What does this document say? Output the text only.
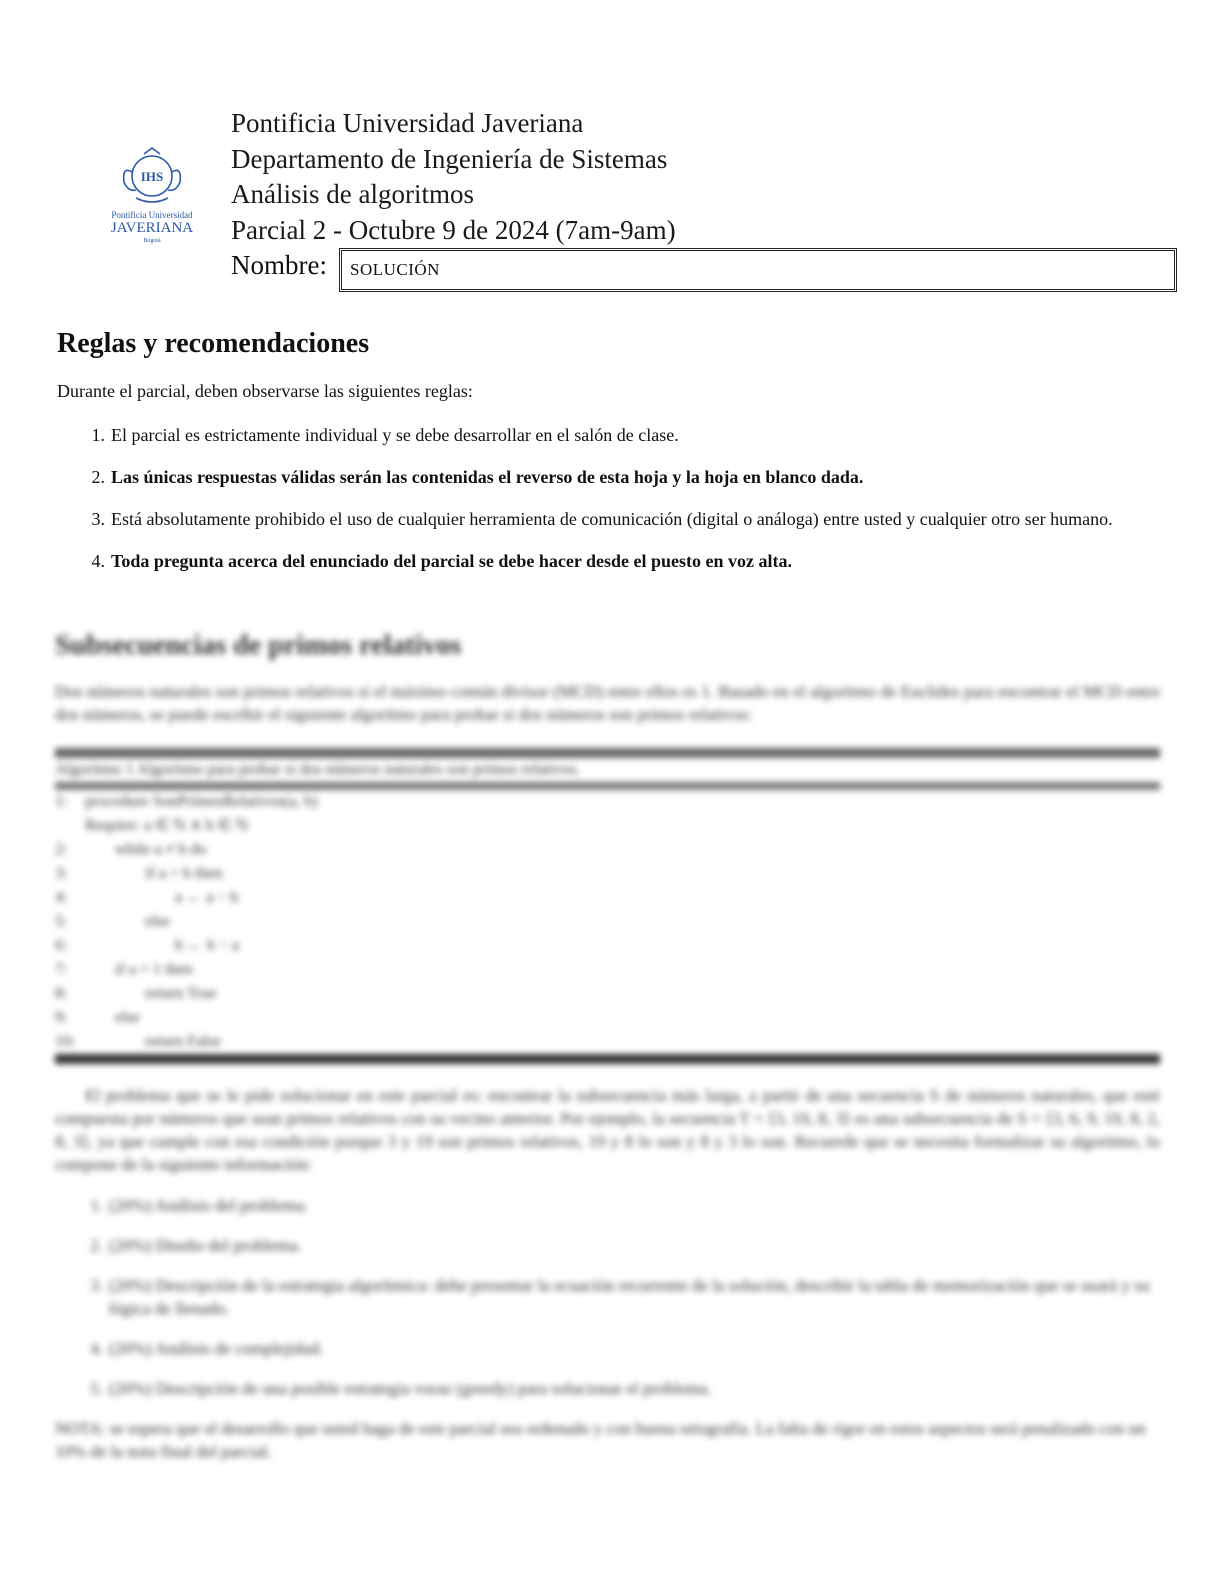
IHS
Pontificia Universidad
JAVERIANA
Bogotá
Pontificia Universidad Javeriana
Departamento de Ingeniería de Sistemas
Análisis de algoritmos
Parcial 2 - Octubre 9 de 2024 (7am-9am)
Nombre:	SOLUCIÓN
Reglas y recomendaciones
Durante el parcial, deben observarse las siguientes reglas:
1. El parcial es estrictamente individual y se debe desarrollar en el salón de clase.
2. Las únicas respuestas válidas serán las contenidas el reverso de esta hoja y la hoja en blanco dada.
3. Está absolutamente prohibido el uso de cualquier herramienta de comunicación (digital o análoga) entre usted y cualquier otro ser humano.
4. Toda pregunta acerca del enunciado del parcial se debe hacer desde el puesto en voz alta.
Subsecuencias de primos relativos
Dos números naturales son primos relativos si el máximo común divisor (MCD) entre ellos es 1. Basado en el algoritmo de Euclides para encontrar el MCD entre dos números, se puede escribir el siguiente algoritmo para probar si dos números son primos relativos:
Algoritmo 1 Algoritmo para probar si dos números naturales son primos relativos.
1:	procedure SonPrimosRelativos(a, b)
Require: a ∈ ℕ ∧ b ∈ ℕ
2:	while a ≠ b do
3:	if a > b then
4:	a ← a − b
5:	else
6:	b ← b − a
7:	if a = 1 then
8:	return True
9:	else
10:	return False
El problema que se le pide solucionar en este parcial es: encontrar la subsecuencia más larga, a partir de una secuencia S de números naturales, que esté compuesta por números que sean primos relativos con su vecino anterior. Por ejemplo, la secuencia T = ⟨3, 19, 8, 3⟩ es una subsecuencia de S = ⟨3, 6, 9, 19, 8, 2, 8, 3⟩, ya que cumple con esa condición porque 3 y 19 son primos relativos, 19 y 8 lo son y 8 y 3 lo son. Recuerde que se necesita formalizar su algoritmo, lo compone de la siguiente información:
1. (20%) Análisis del problema.
2. (20%) Diseño del problema.
3. (20%) Descripción de la estrategia algorítmica: debe presentar la ecuación recurrente de la solución, describir la tabla de memorización que se usará y su lógica de llenado.
4. (20%) Análisis de complejidad.
5. (20%) Descripción de una posible estrategia voraz (greedy) para solucionar el problema.
NOTA: se espera que el desarrollo que usted haga de este parcial sea ordenado y con buena ortografía. La falta de rigor en estos aspectos será penalizado con un 10% de la nota final del parcial.
